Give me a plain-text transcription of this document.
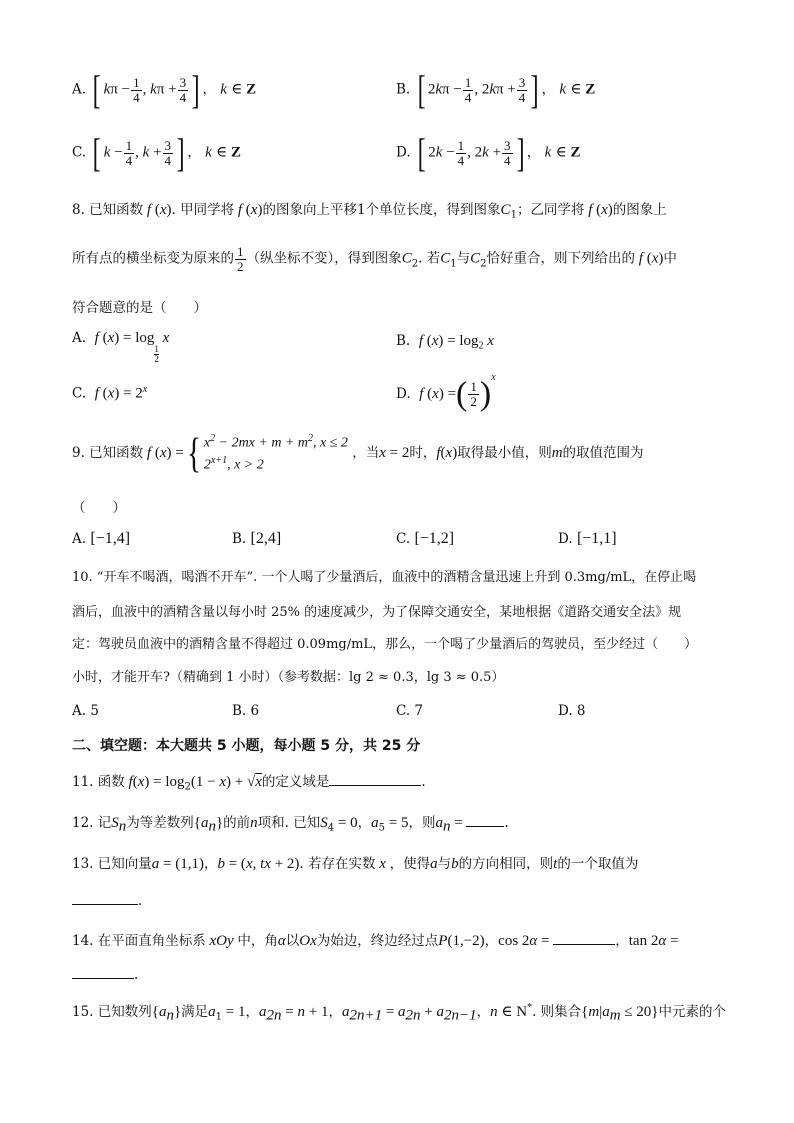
A. [ $k\pi - \frac{1}{4}$ , $k\pi + \frac{3}{4}$ ] ， k ∈ Z	B. [ $2k\pi - \frac{1}{4}$ , $2k\pi + \frac{3}{4}$ ] ， k ∈ Z
C. [ $k - \frac{1}{4}$ , $k + \frac{3}{4}$ ] ， k ∈ Z	D. [ $2k - \frac{1}{4}$ , $2k + \frac{3}{4}$ ] ， k ∈ Z
8. 已知函数 f (x). 甲同学将 f (x)的图象向上平移1个单位长度，得到图象$C_1$；乙同学将 f (x)的图象上
所有点的横坐标变为原来的 $\frac{1}{2}$ （纵坐标不变），得到图象$C_2$. 若$C_1$与$C_2$恰好重合，则下列给出的 f (x)中
符合题意的是（　　）
A. f (x) = log
$\frac{1}{2}$
x	B. f $(x) = \log_2 x$
C. f $(x) = 2^x$	D. f (x) =( $\frac{1}{2} )^x$
9. 已知函数 f (x) ={ $x^2 - 2mx + m + m^2$, x ≤ 2
$2^{x+1}$, x > 2
，当x = 2时，f(x)取得最小值，则m的取值范围为
（　　）
A. [−1,4]	B. [2,4]	C. [−1,2]	D. [−1,1]
10. “开车不喝酒，喝酒不开车”. 一个人喝了少量酒后，血液中的酒精含量迅速上升到 0.3mg/mL，在停止喝
酒后，血液中的酒精含量以每小时 25% 的速度减少，为了保障交通安全，某地根据《道路交通安全法》规
定：驾驶员血液中的酒精含量不得超过 0.09mg/mL，那么，一个喝了少量酒后的驾驶员，至少经过（　　）
小时，才能开车?（精确到 1 小时）（参考数据：lg 2 ≈ 0.3，lg 3 ≈ 0.5）
A. 5	B. 6	C. 7	D. 8
二、填空题：本大题共 5 小题，每小题 5 分，共 25 分
11. 函数 $f(x) = \log_2(1 - x) + √x$的定义域是	.
12. 记$S_n$为等差数列$\{a_n\}$的前n项和. 已知$S_4 = 0$，$a_5 = 5$，则$a_n$ =	.
13. 已知向量a = (1,1)，b = (x, tx + 2). 若存在实数 x ，使得a与b的方向相同，则t的一个取值为
.
14. 在平面直角坐标系 xOy 中，角α以Ox为始边，终边经过点P(1,−2)，cos 2α =	，tan 2α =
.
15. 已知数列$\{a_n\}$满足$a_1 = 1$，$a_{2n} = n + 1$，$a_{2n+1} = a_{2n} + a_{2n-1}$，n ∈ N*. 则集合$\{m|a_m \le 20\}$中元素的个
